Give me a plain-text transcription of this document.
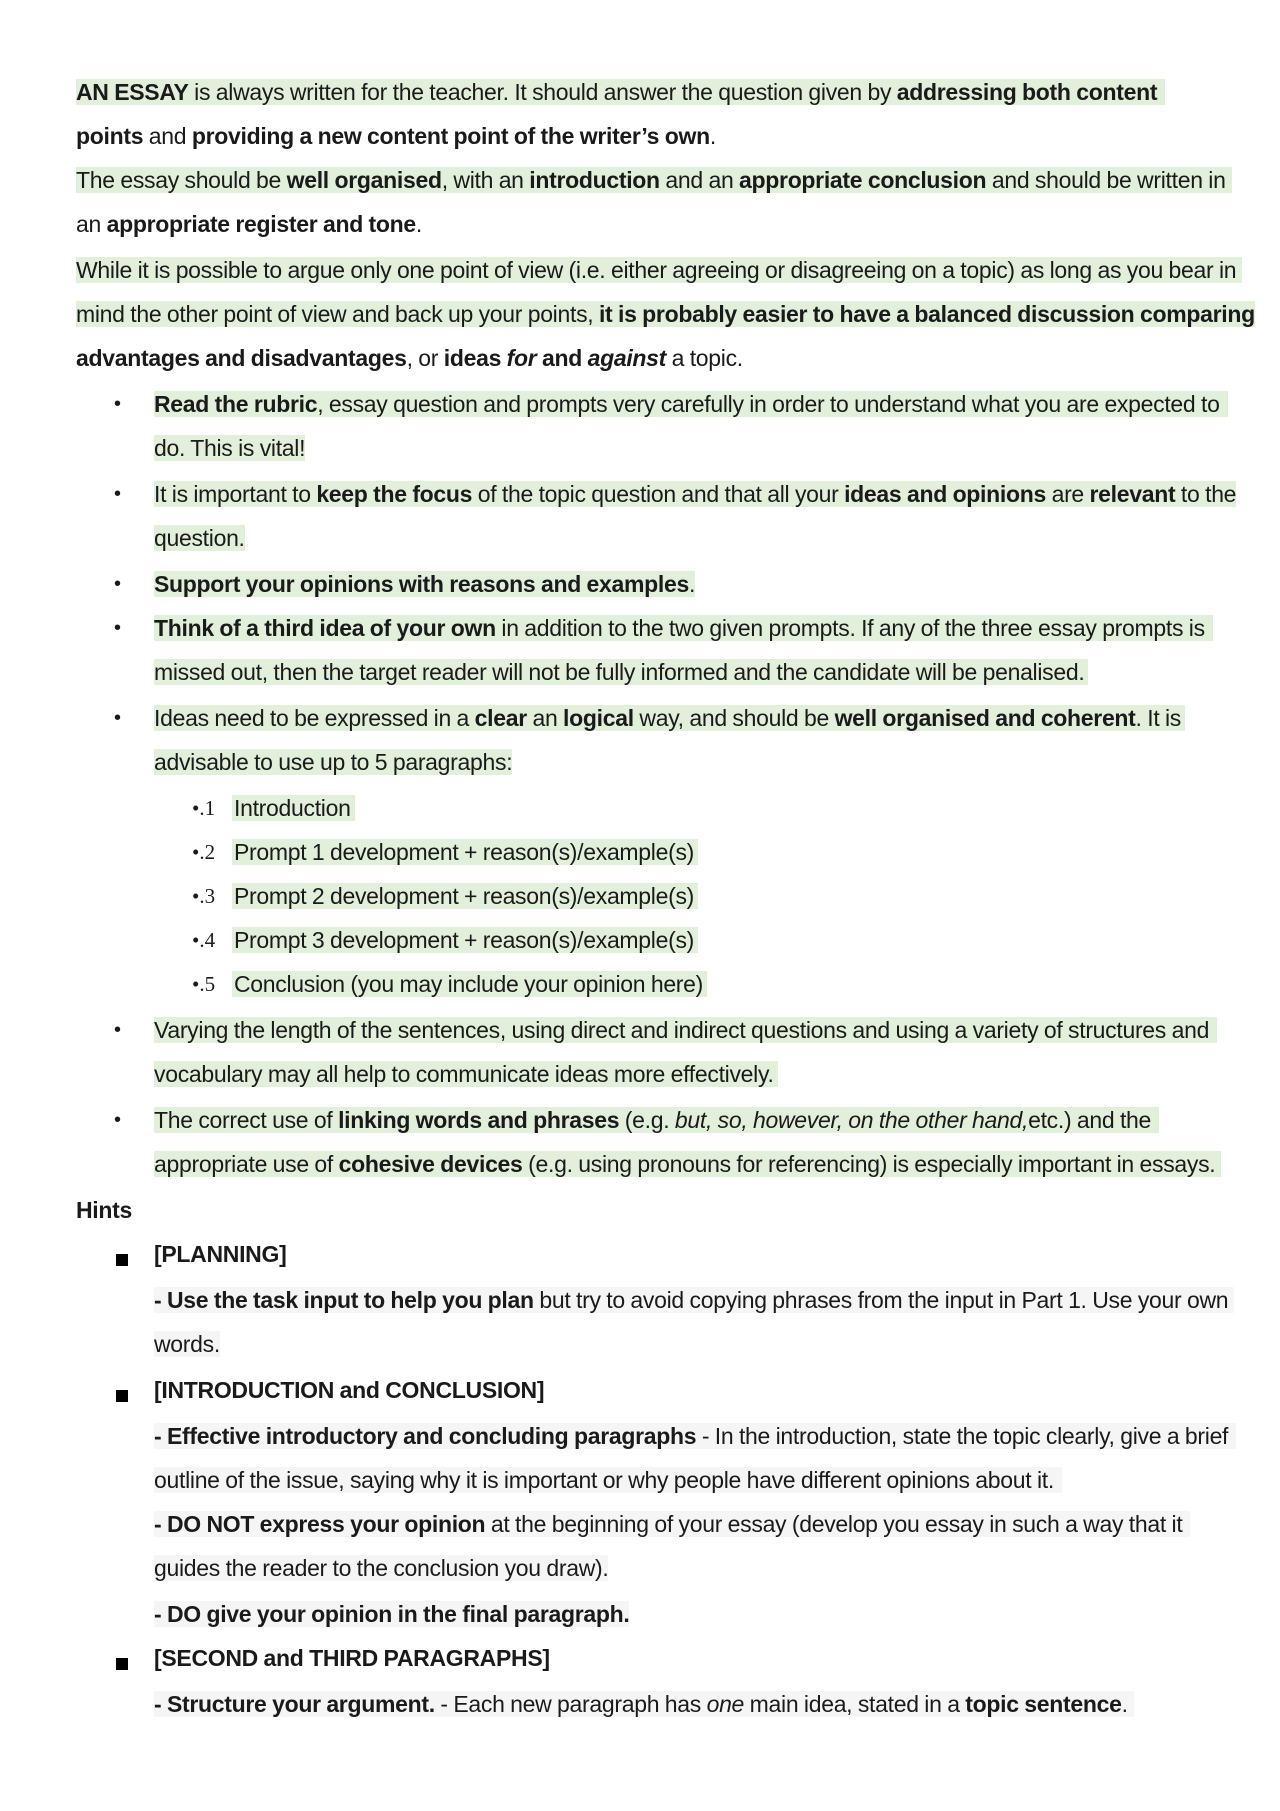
AN ESSAY is always written for the teacher. It should answer the question given by addressing both content
points and providing a new content point of the writer’s own.
The essay should be well organised, with an introduction and an appropriate conclusion and should be written in
an appropriate register and tone.
While it is possible to argue only one point of view (i.e. either agreeing or disagreeing on a topic) as long as you bear in
mind the other point of view and back up your points, it is probably easier to have a balanced discussion comparing
advantages and disadvantages, or ideas for and against a topic.
• Read the rubric, essay question and prompts very carefully in order to understand what you are expected to
do. This is vital!
• It is important to keep the focus of the topic question and that all your ideas and opinions are relevant to the
question.
• Support your opinions with reasons and examples.
• Think of a third idea of your own in addition to the two given prompts. If any of the three essay prompts is
missed out, then the target reader will not be fully informed and the candidate will be penalised.
• Ideas need to be expressed in a clear an logical way, and should be well organised and coherent. It is
advisable to use up to 5 paragraphs:
•.1 Introduction
•.2 Prompt 1 development + reason(s)/example(s)
•.3 Prompt 2 development + reason(s)/example(s)
•.4 Prompt 3 development + reason(s)/example(s)
•.5 Conclusion (you may include your opinion here)
• Varying the length of the sentences, using direct and indirect questions and using a variety of structures and
vocabulary may all help to communicate ideas more effectively.
• The correct use of linking words and phrases (e.g. but, so, however, on the other hand,etc.) and the
appropriate use of cohesive devices (e.g. using pronouns for referencing) is especially important in essays.
Hints
[PLANNING]
- Use the task input to help you plan but try to avoid copying phrases from the input in Part 1. Use your own
words.
[INTRODUCTION and CONCLUSION]
- Effective introductory and concluding paragraphs - In the introduction, state the topic clearly, give a brief
outline of the issue, saying why it is important or why people have different opinions about it.
- DO NOT express your opinion at the beginning of your essay (develop you essay in such a way that it
guides the reader to the conclusion you draw).
- DO give your opinion in the final paragraph.
[SECOND and THIRD PARAGRAPHS]
- Structure your argument. - Each new paragraph has one main idea, stated in a topic sentence.
